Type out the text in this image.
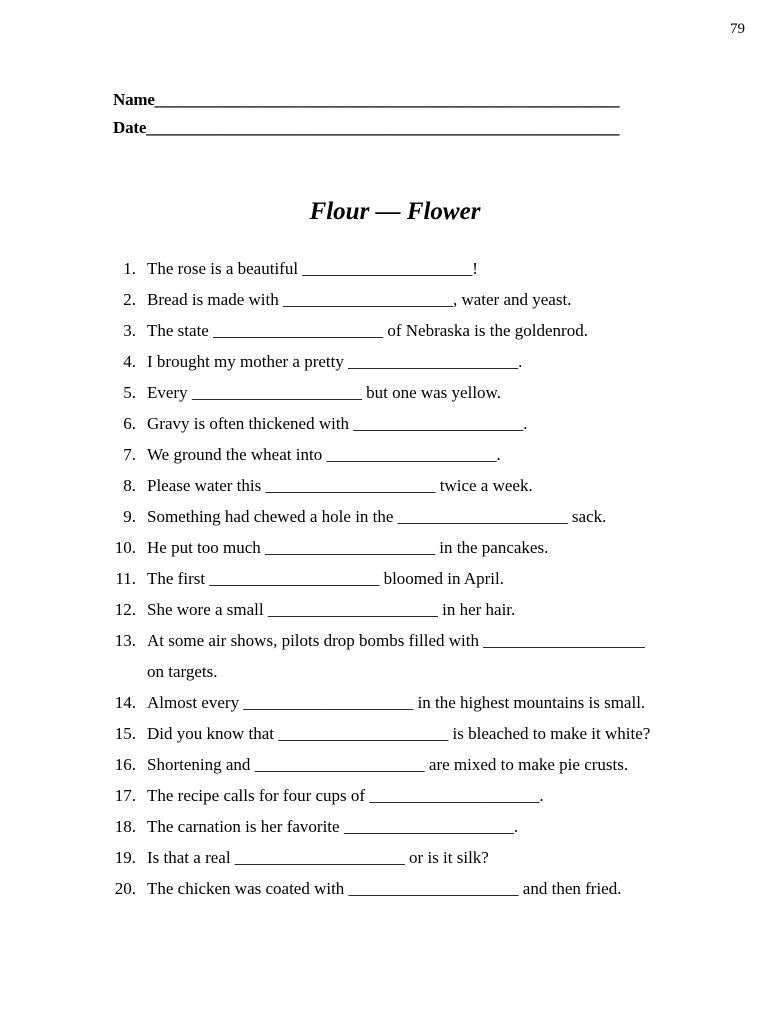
79
Name________________________________________________________
Date_________________________________________________________
Flour — Flower
1. The rose is a beautiful ____________________!
2. Bread is made with ____________________, water and yeast.
3. The state ____________________ of Nebraska is the goldenrod.
4. I brought my mother a pretty ____________________.
5. Every ____________________ but one was yellow.
6. Gravy is often thickened with ____________________.
7. We ground the wheat into ____________________.
8. Please water this ____________________ twice a week.
9. Something had chewed a hole in the ____________________ sack.
10. He put too much ____________________ in the pancakes.
11. The first ____________________ bloomed in April.
12. She wore a small ____________________ in her hair.
13. At some air shows, pilots drop bombs filled with ___________________
on targets.
14. Almost every ____________________ in the highest mountains is small.
15. Did you know that ____________________ is bleached to make it white?
16. Shortening and ____________________ are mixed to make pie crusts.
17. The recipe calls for four cups of ____________________.
18. The carnation is her favorite ____________________.
19. Is that a real ____________________ or is it silk?
20. The chicken was coated with ____________________ and then fried.
